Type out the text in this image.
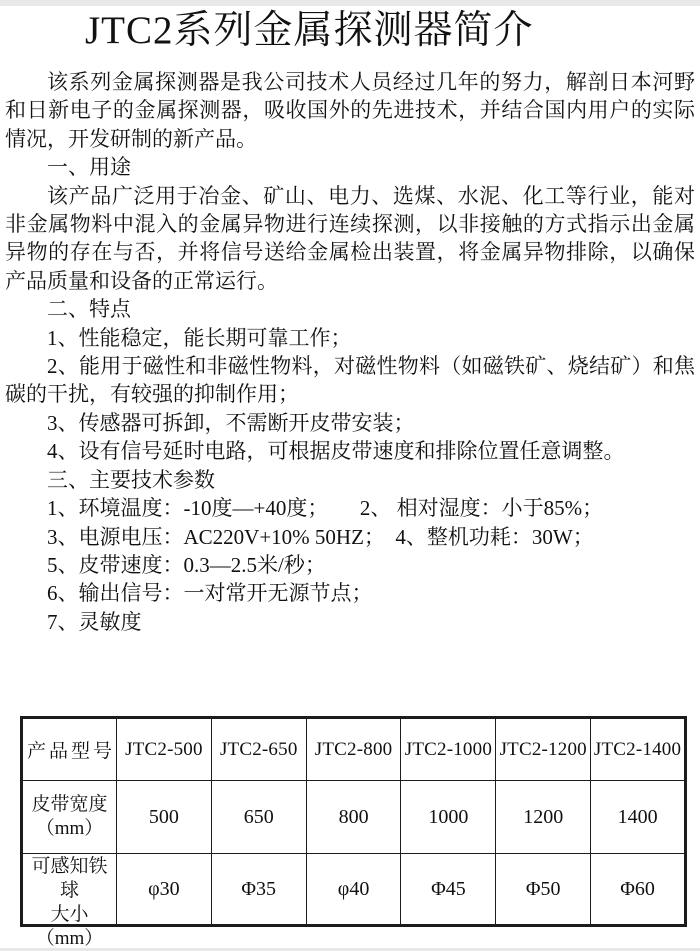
JTC2系列金属探测器简介

该系列金属探测器是我公司技术人员经过几年的努力，解剖日本河野和日新电子的金属探测器，吸收国外的先进技术，并结合国内用户的实际情况，开发研制的新产品。

一、用途

该产品广泛用于冶金、矿山、电力、选煤、水泥、化工等行业，能对非金属物料中混入的金属异物进行连续探测，以非接触的方式指示出金属异物的存在与否，并将信号送给金属检出装置，将金属异物排除，以确保产品质量和设备的正常运行。

二、特点

1、性能稳定，能长期可靠工作；

2、能用于磁性和非磁性物料，对磁性物料（如磁铁矿、烧结矿）和焦碳的干扰，有较强的抑制作用；

3、传感器可拆卸，不需断开皮带安装；

4、设有信号延时电路，可根据皮带速度和排除位置任意调整。

三、主要技术参数

1、环境温度：-10度—+40度；　　2、 相对湿度：小于85%；

3、电源电压：AC220V+10% 50HZ；　4、整机功耗：30W；

5、皮带速度：0.3—2.5米/秒；

6、输出信号：一对常开无源节点；

7、灵敏度

产品型号	JTC2-500	JTC2-650	JTC2-800	JTC2-1000	JTC2-1200	JTC2-1400

皮带宽度
（mm）	500	650	800	1000	1200	1400

可感知铁球
大小
（mm）	φ30	Φ35	φ40	Φ45	Φ50	Φ60
